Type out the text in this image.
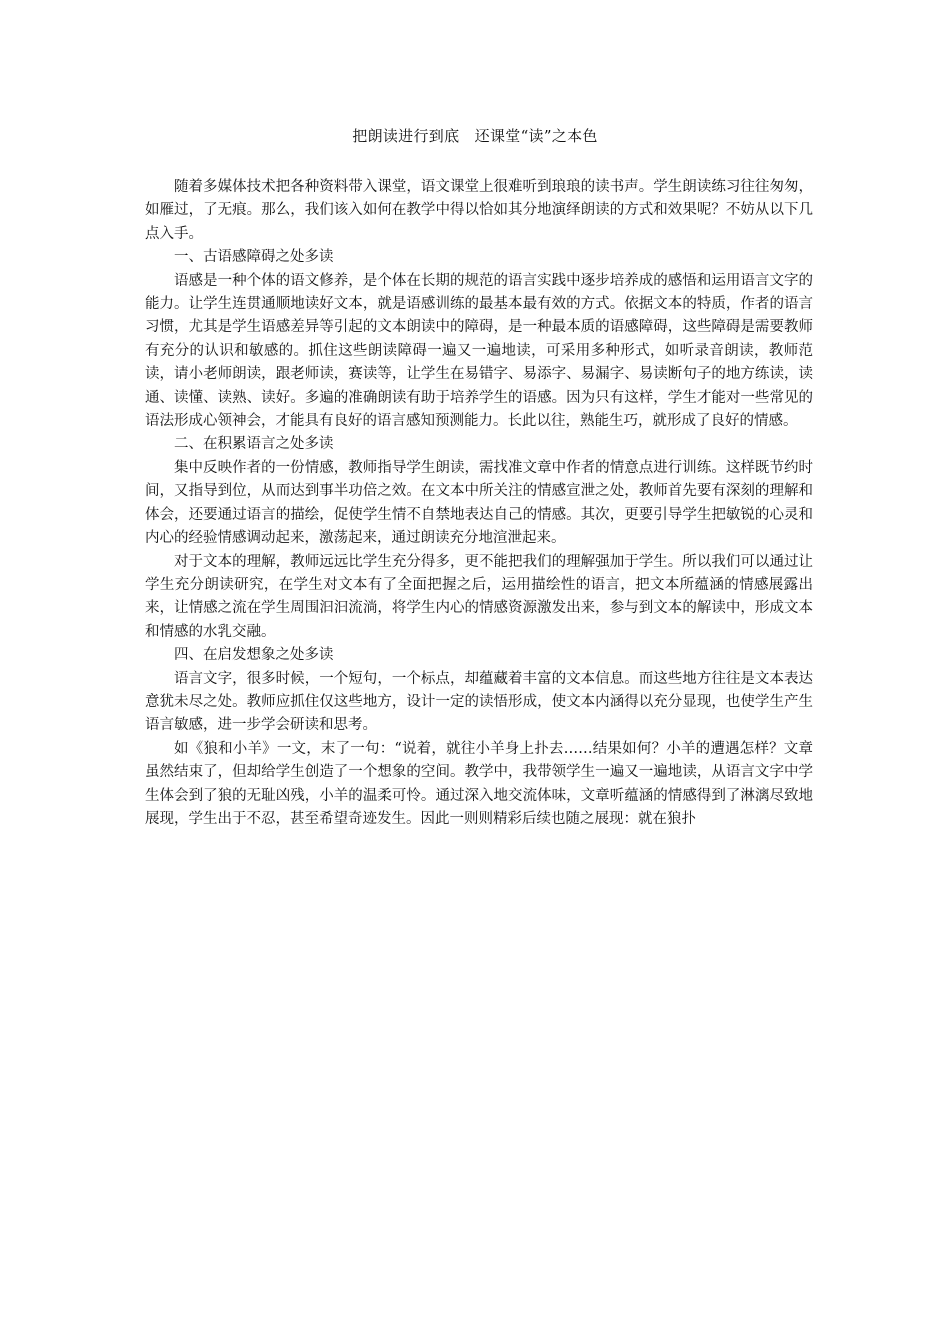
把朗读进行到底　还课堂“读”之本色

随着多媒体技术把各种资料带入课堂，语文课堂上很难听到琅琅的读书声。学生朗读练习往往匆匆，如雁过，了无痕。那么，我们该入如何在教学中得以恰如其分地演绎朗读的方式和效果呢？不妨从以下几点入手。

一、古语感障碍之处多读

语感是一种个体的语文修养，是个体在长期的规范的语言实践中逐步培养成的感悟和运用语言文字的能力。让学生连贯通顺地读好文本，就是语感训练的最基本最有效的方式。依据文本的特质，作者的语言习惯，尤其是学生语感差异等引起的文本朗读中的障碍，是一种最本质的语感障碍，这些障碍是需要教师有充分的认识和敏感的。抓住这些朗读障碍一遍又一遍地读，可采用多种形式，如听录音朗读，教师范读，请小老师朗读，跟老师读，赛读等，让学生在易错字、易添字、易漏字、易读断句子的地方练读，读通、读懂、读熟、读好。多遍的准确朗读有助于培养学生的语感。因为只有这样，学生才能对一些常见的语法形成心领神会，才能具有良好的语言感知预测能力。长此以往，熟能生巧，就形成了良好的情感。

二、在积累语言之处多读

集中反映作者的一份情感，教师指导学生朗读，需找准文章中作者的情意点进行训练。这样既节约时间，又指导到位，从而达到事半功倍之效。在文本中所关注的情感宣泄之处，教师首先要有深刻的理解和体会，还要通过语言的描绘，促使学生情不自禁地表达自己的情感。其次，更要引导学生把敏锐的心灵和内心的经验情感调动起来，激荡起来，通过朗读充分地渲泄起来。

对于文本的理解，教师远远比学生充分得多，更不能把我们的理解强加于学生。所以我们可以通过让学生充分朗读研究，在学生对文本有了全面把握之后，运用描绘性的语言，把文本所蕴涵的情感展露出来，让情感之流在学生周围汩汩流淌，将学生内心的情感资源激发出来，参与到文本的解读中，形成文本和情感的水乳交融。

四、在启发想象之处多读

语言文字，很多时候，一个短句，一个标点，却蕴藏着丰富的文本信息。而这些地方往往是文本表达意犹未尽之处。教师应抓住仅这些地方，设计一定的读悟形成，使文本内涵得以充分显现，也使学生产生语言敏感，进一步学会研读和思考。

如《狼和小羊》一文，末了一句：“说着，就往小羊身上扑去……结果如何？小羊的遭遇怎样？文章虽然结束了，但却给学生创造了一个想象的空间。教学中，我带领学生一遍又一遍地读，从语言文字中学生体会到了狼的无耻凶残，小羊的温柔可怜。通过深入地交流体味，文章听蕴涵的情感得到了淋漓尽致地展现，学生出于不忍，甚至希望奇迹发生。因此一则则精彩后续也随之展现：就在狼扑
